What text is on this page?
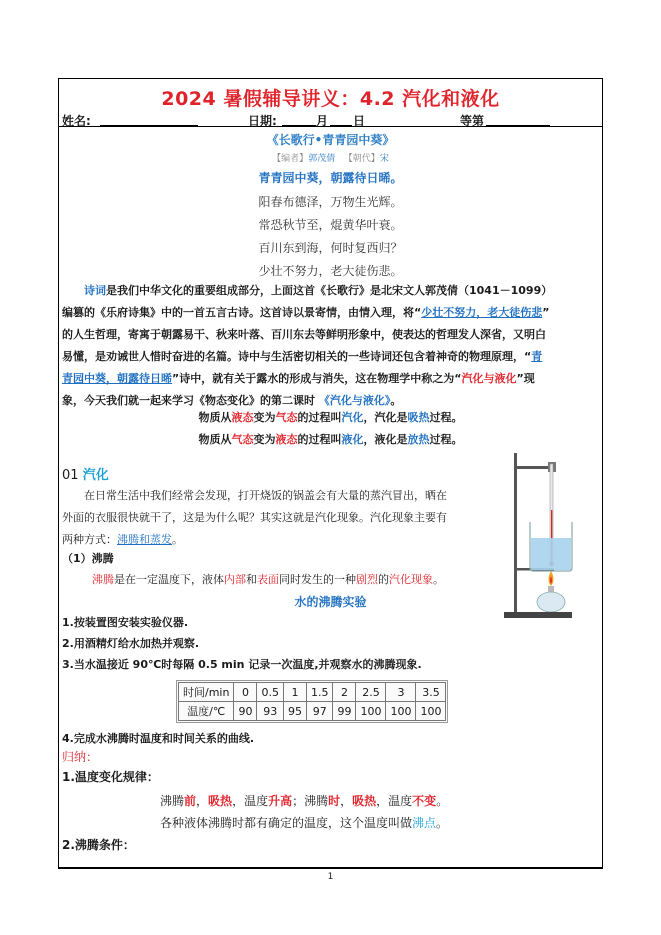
2024 暑假辅导讲义：4.2 汽化和液化
姓名:	日期:	月 日	等第
《长歌行•青青园中葵》
【编者】郭茂倩 【朝代】宋
青青园中葵，朝露待日晞。
阳春布德泽，万物生光辉。
常恐秋节至，焜黄华叶衰。
百川东到海，何时复西归？
少壮不努力，老大徒伤悲。
诗词是我们中华文化的重要组成部分，上面这首《长歌行》是北宋文人郭茂倩（1041－1099）
编篡的《乐府诗集》中的一首五言古诗。这首诗以景寄情，由情入理，将“少壮不努力，老大徒伤悲”
的人生哲理，寄寓于朝露易干、秋来叶落、百川东去等鲜明形象中，使表达的哲理发人深省，又明白
易懂，是劝诫世人惜时奋进的名篇。诗中与生活密切相关的一些诗词还包含着神奇的物理原理，“青
青园中葵，朝露待日晞”诗中，就有关于露水的形成与消失，这在物理学中称之为“汽化与液化”现
象，今天我们就一起来学习《物态变化》的第二课时 《汽化与液化》。
物质从液态变为气态的过程叫汽化，汽化是吸热过程。
物质从气态变为液态的过程叫液化，液化是放热过程。
01 汽化
在日常生活中我们经常会发现，打开烧饭的锅盖会有大量的蒸汽冒出，晒在
外面的衣服很快就干了，这是为什么呢？其实这就是汽化现象。汽化现象主要有
两种方式：沸腾和蒸发。
（1）沸腾
沸腾是在一定温度下，液体内部和表面同时发生的一种剧烈的汽化现象。
水的沸腾实验
1.按装置图安装实验仪器.
2.用酒精灯给水加热并观察.
3.当水温接近 90℃时每隔 0.5 min 记录一次温度,并观察水的沸腾现象.
时间/min	0	0.5	1	1.5	2	2.5	3	3.5
温度/℃	90	93	95	97	99	100	100	100
4.完成水沸腾时温度和时间关系的曲线.
归纳：
1.温度变化规律：
沸腾前，吸热，温度升高；沸腾时，吸热，温度不变。
各种液体沸腾时都有确定的温度，这个温度叫做沸点。
2.沸腾条件：
1
